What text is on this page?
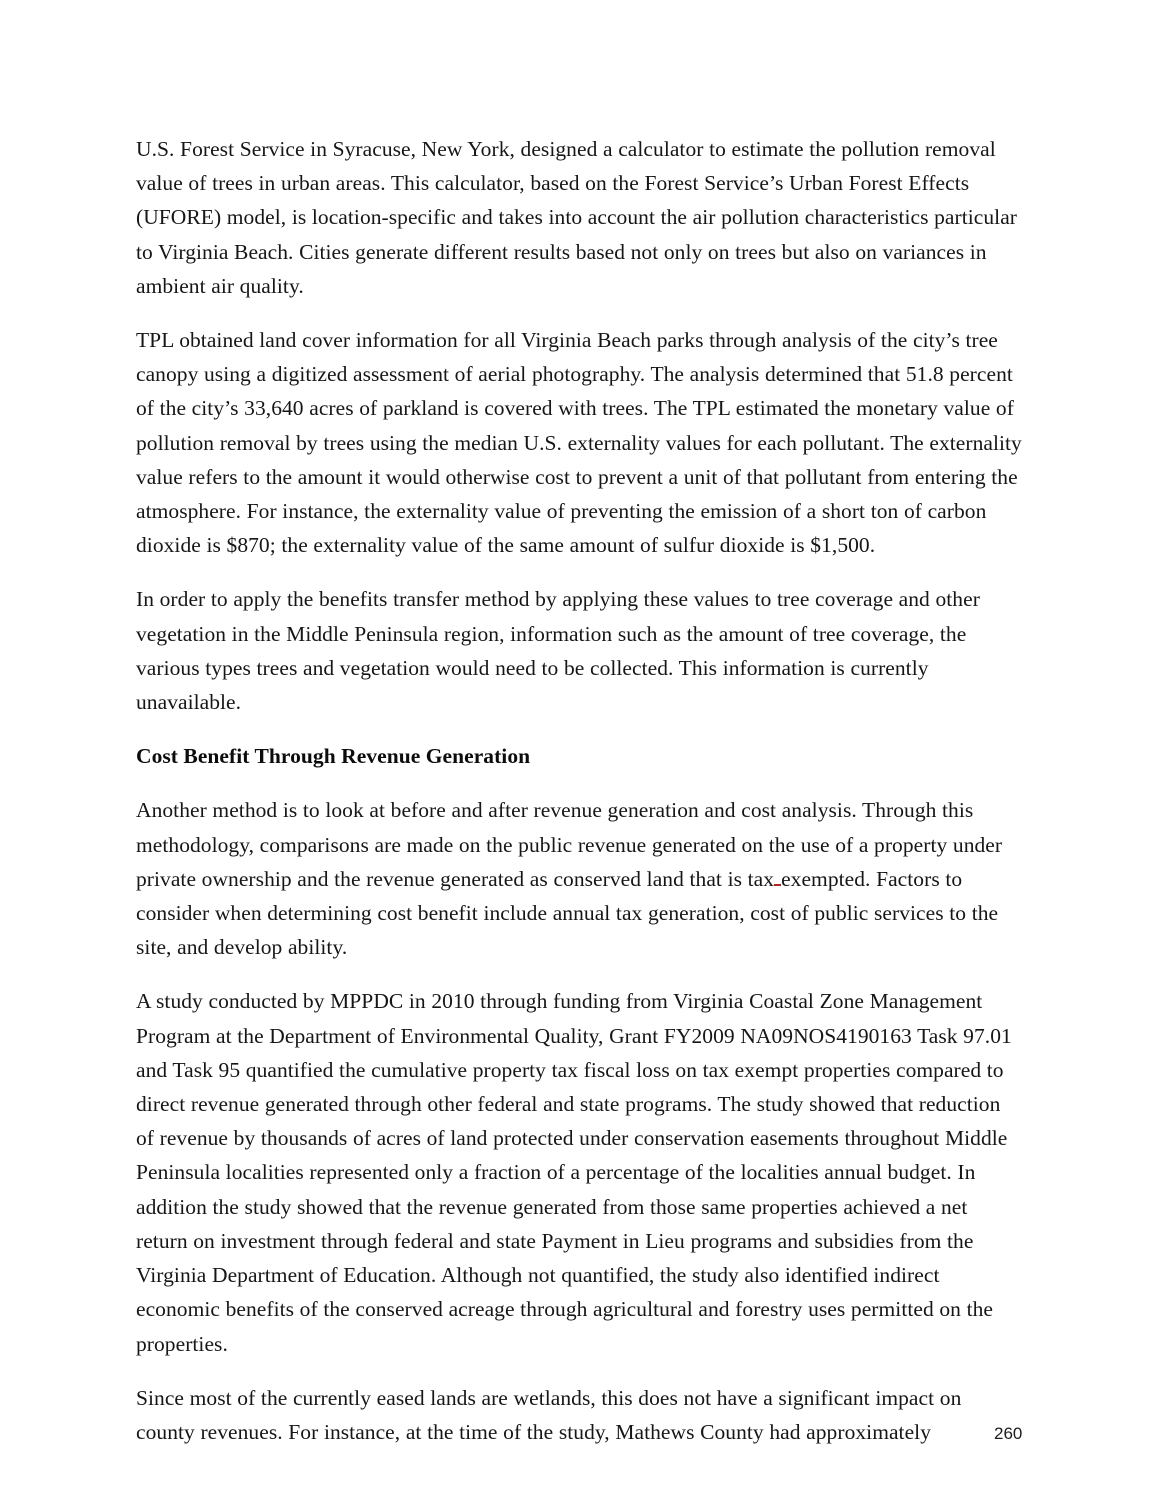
U.S. Forest Service in Syracuse, New York, designed a calculator to estimate the pollution removal value of trees in urban areas. This calculator, based on the Forest Service’s Urban Forest Effects (UFORE) model, is location-specific and takes into account the air pollution characteristics particular to Virginia Beach. Cities generate different results based not only on trees but also on variances in ambient air quality.

TPL obtained land cover information for all Virginia Beach parks through analysis of the city’s tree canopy using a digitized assessment of aerial photography. The analysis determined that 51.8 percent of the city’s 33,640 acres of parkland is covered with trees. The TPL estimated the monetary value of pollution removal by trees using the median U.S. externality values for each pollutant. The externality value refers to the amount it would otherwise cost to prevent a unit of that pollutant from entering the atmosphere. For instance, the externality value of preventing the emission of a short ton of carbon dioxide is $870; the externality value of the same amount of sulfur dioxide is $1,500.

In order to apply the benefits transfer method by applying these values to tree coverage and other vegetation in the Middle Peninsula region, information such as the amount of tree coverage, the various types trees and vegetation would need to be collected. This information is currently unavailable.

Cost Benefit Through Revenue Generation

Another method is to look at before and after revenue generation and cost analysis. Through this methodology, comparisons are made on the public revenue generated on the use of a property under private ownership and the revenue generated as conserved land that is tax exempted. Factors to consider when determining cost benefit include annual tax generation, cost of public services to the site, and develop ability.

A study conducted by MPPDC in 2010 through funding from Virginia Coastal Zone Management Program at the Department of Environmental Quality, Grant FY2009 NA09NOS4190163 Task 97.01 and Task 95 quantified the cumulative property tax fiscal loss on tax exempt properties compared to direct revenue generated through other federal and state programs. The study showed that reduction of revenue by thousands of acres of land protected under conservation easements throughout Middle Peninsula localities represented only a fraction of a percentage of the localities annual budget. In addition the study showed that the revenue generated from those same properties achieved a net return on investment through federal and state Payment in Lieu programs and subsidies from the Virginia Department of Education. Although not quantified, the study also identified indirect economic benefits of the conserved acreage through agricultural and forestry uses permitted on the properties.

Since most of the currently eased lands are wetlands, this does not have a significant impact on county revenues. For instance, at the time of the study, Mathews County had approximately	260
